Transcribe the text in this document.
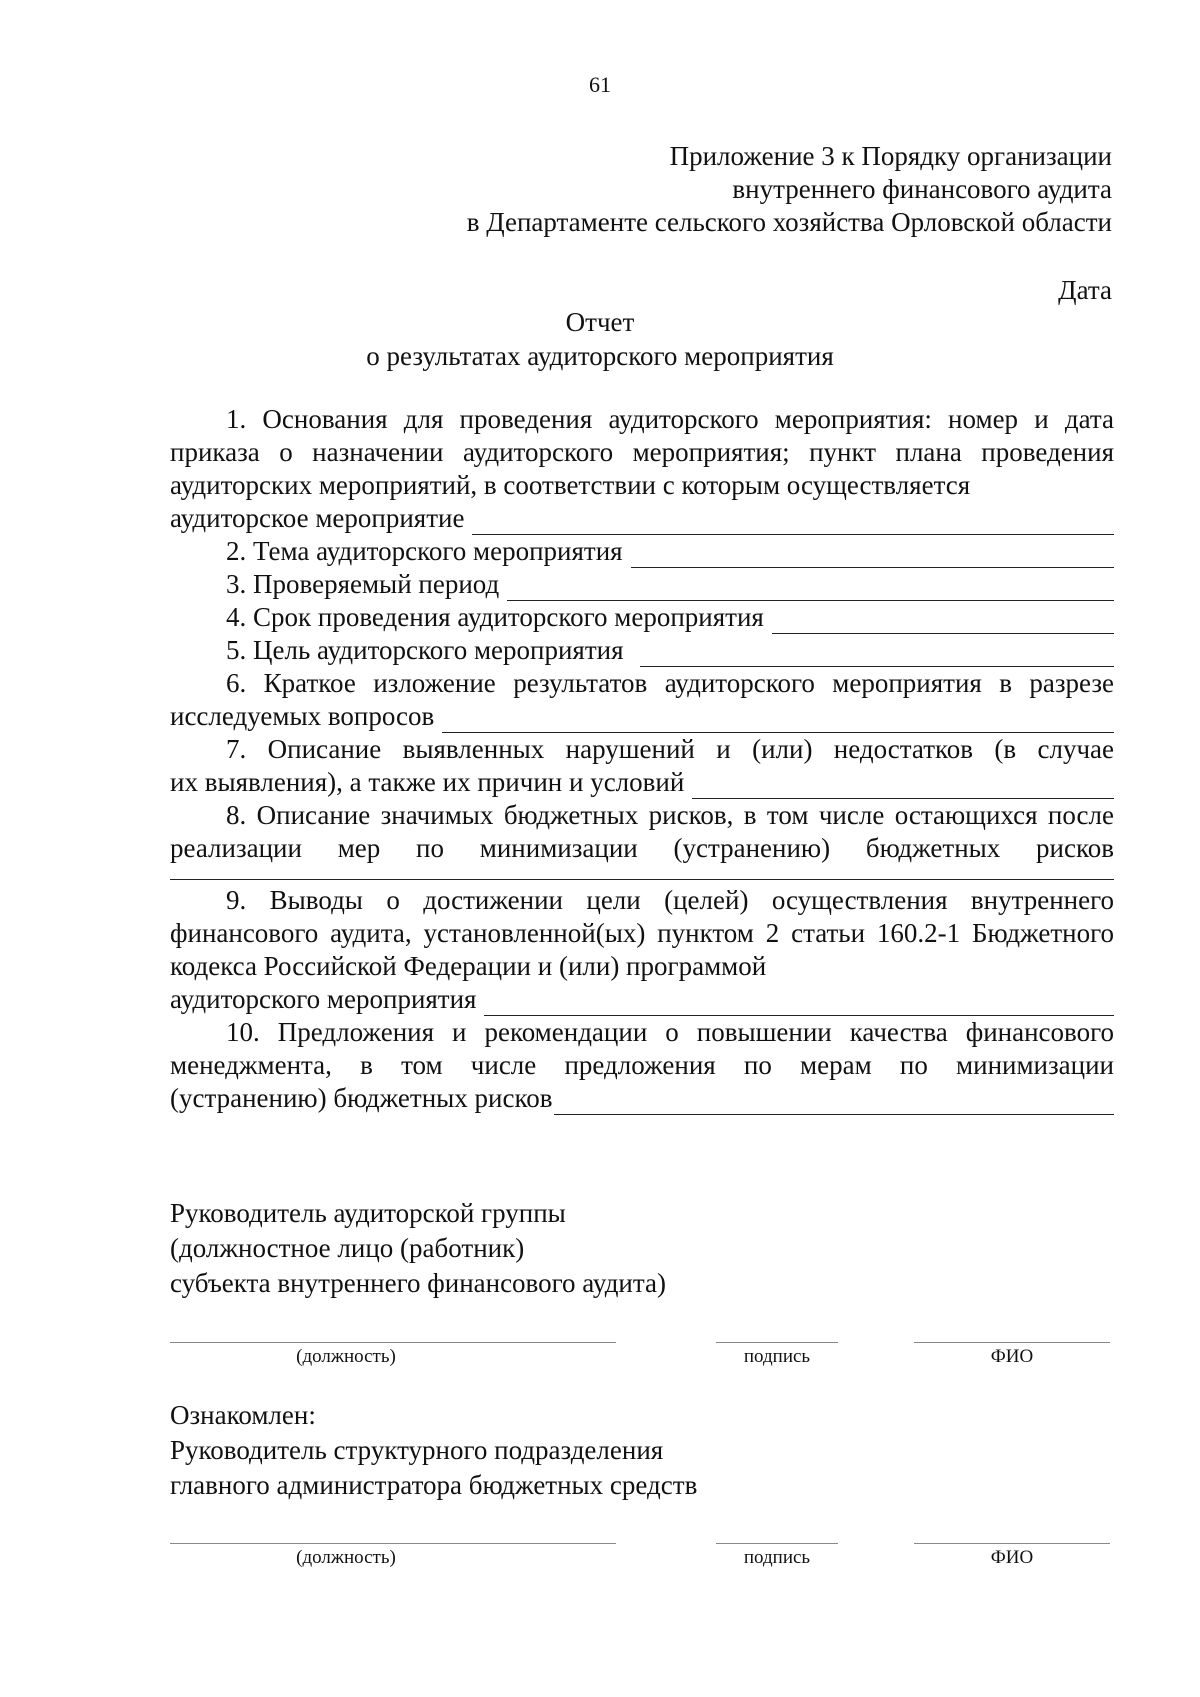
61
Приложение 3 к Порядку организации
внутреннего финансового аудита
в Департаменте сельского хозяйства Орловской области
Дата
Отчет
о результатах аудиторского мероприятия
1. Основания для проведения аудиторского мероприятия: номер и дата приказа о назначении аудиторского мероприятия; пункт плана проведения аудиторских мероприятий, в соответствии с которым осуществляется
аудиторское мероприятие
2. Тема аудиторского мероприятия
3. Проверяемый период
4. Срок проведения аудиторского мероприятия
5. Цель аудиторского мероприятия
6. Краткое изложение результатов аудиторского мероприятия в разрезе
исследуемых вопросов
7. Описание выявленных нарушений и (или) недостатков (в случае
их выявления), а также их причин и условий
8. Описание значимых бюджетных рисков, в том числе остающихся после реализации мер по минимизации (устранению) бюджетных рисков
9. Выводы о достижении цели (целей) осуществления внутреннего финансового аудита, установленной(ых) пунктом 2 статьи 160.2-1 Бюджетного кодекса Российской Федерации и (или) программой
аудиторского мероприятия
10. Предложения и рекомендации о повышении качества финансового менеджмента, в том числе предложения по мерам по минимизации
(устранению) бюджетных рисков
Руководитель аудиторской группы
(должностное лицо (работник)
субъекта внутреннего финансового аудита)
(должность)	подпись	ФИО
Ознакомлен:
Руководитель структурного подразделения
главного администратора бюджетных средств
(должность)	подпись	ФИО
